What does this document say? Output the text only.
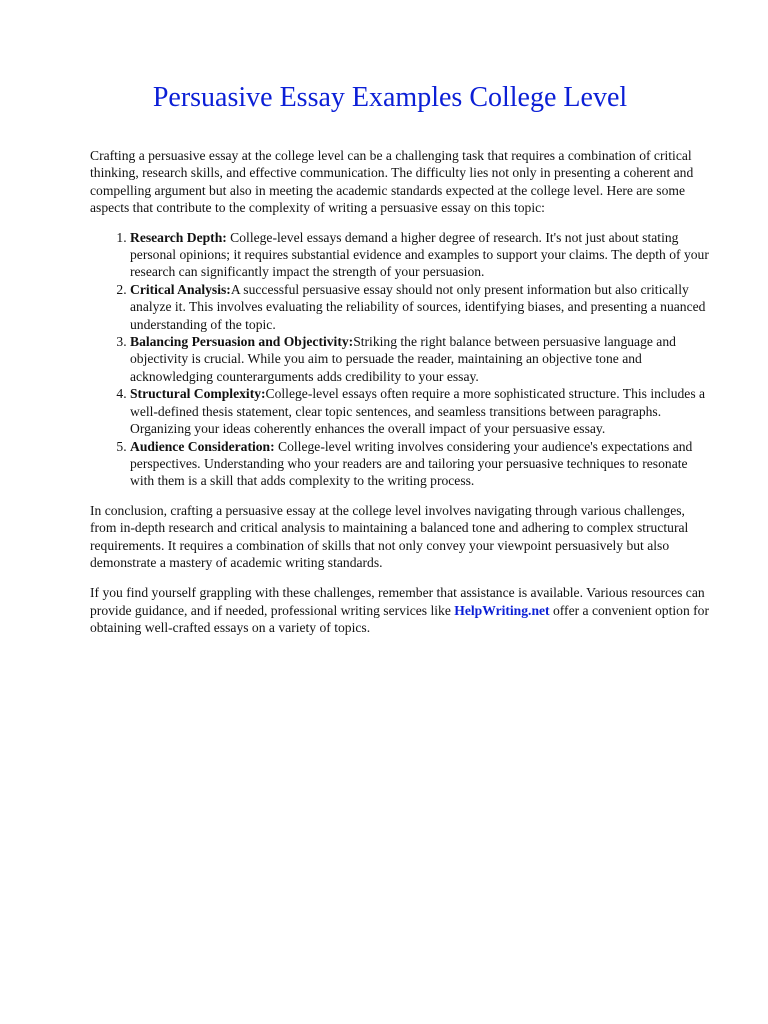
Persuasive Essay Examples College Level

Crafting a persuasive essay at the college level can be a challenging task that requires a combination of critical thinking, research skills, and effective communication. The difficulty lies not only in presenting a coherent and compelling argument but also in meeting the academic standards expected at the college level. Here are some aspects that contribute to the complexity of writing a persuasive essay on this topic:

1. Research Depth: College-level essays demand a higher degree of research. It's not just about stating personal opinions; it requires substantial evidence and examples to support your claims. The depth of your research can significantly impact the strength of your persuasion.
2. Critical Analysis:A successful persuasive essay should not only present information but also critically analyze it. This involves evaluating the reliability of sources, identifying biases, and presenting a nuanced understanding of the topic.
3. Balancing Persuasion and Objectivity:Striking the right balance between persuasive language and objectivity is crucial. While you aim to persuade the reader, maintaining an objective tone and acknowledging counterarguments adds credibility to your essay.
4. Structural Complexity:College-level essays often require a more sophisticated structure. This includes a well-defined thesis statement, clear topic sentences, and seamless transitions between paragraphs. Organizing your ideas coherently enhances the overall impact of your persuasive essay.
5. Audience Consideration: College-level writing involves considering your audience's expectations and perspectives. Understanding who your readers are and tailoring your persuasive techniques to resonate with them is a skill that adds complexity to the writing process.

In conclusion, crafting a persuasive essay at the college level involves navigating through various challenges, from in-depth research and critical analysis to maintaining a balanced tone and adhering to complex structural requirements. It requires a combination of skills that not only convey your viewpoint persuasively but also demonstrate a mastery of academic writing standards.

If you find yourself grappling with these challenges, remember that assistance is available. Various resources can provide guidance, and if needed, professional writing services like HelpWriting.net offer a convenient option for obtaining well-crafted essays on a variety of topics.
